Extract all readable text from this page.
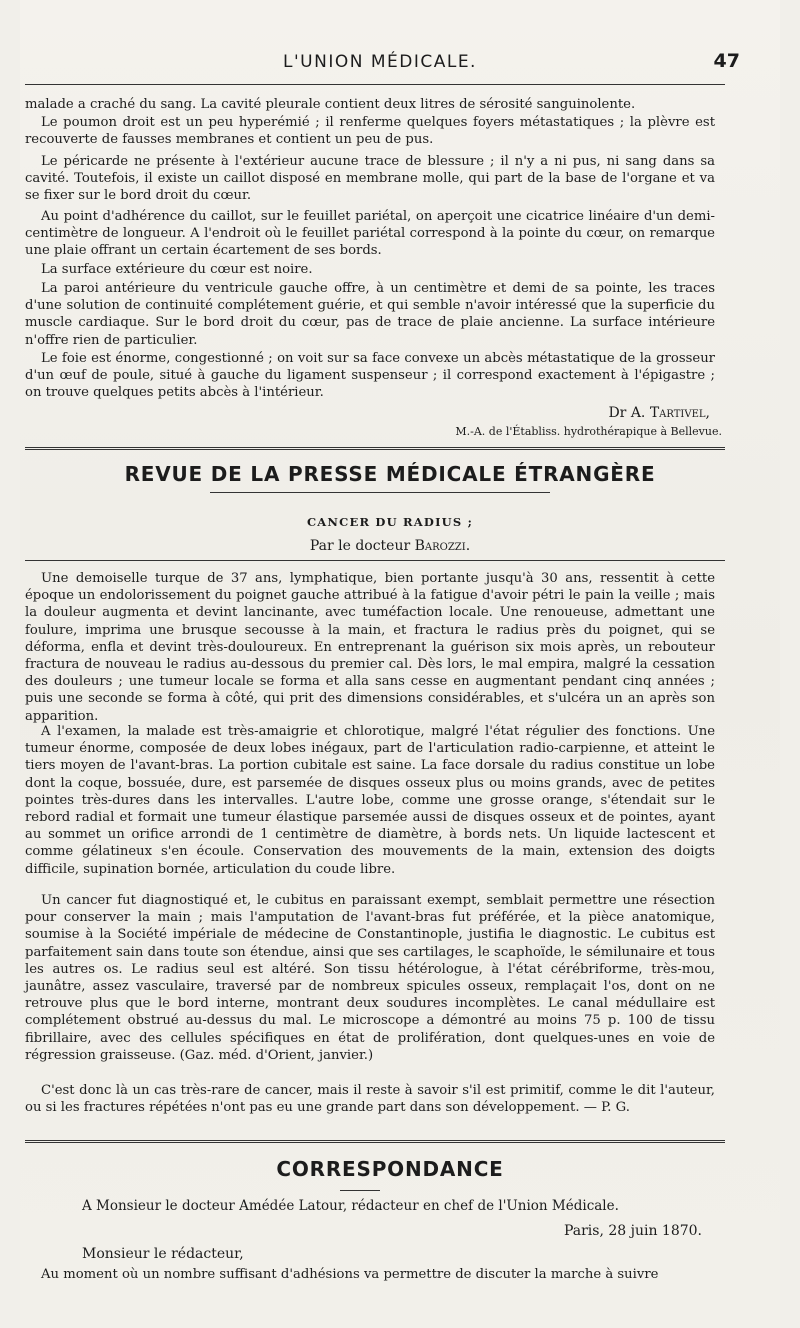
L'UNION MÉDICALE.	47

malade a craché du sang. La cavité pleurale contient deux litres de sérosité sanguinolente.

Le poumon droit est un peu hyperémié ; il renferme quelques foyers métastatiques ; la plèvre est recouverte de fausses membranes et contient un peu de pus.

Le péricarde ne présente à l'extérieur aucune trace de blessure ; il n'y a ni pus, ni sang dans sa cavité. Toutefois, il existe un caillot disposé en membrane molle, qui part de la base de l'organe et va se fixer sur le bord droit du cœur.

Au point d'adhérence du caillot, sur le feuillet pariétal, on aperçoit une cicatrice linéaire d'un demi-centimètre de longueur. A l'endroit où le feuillet pariétal correspond à la pointe du cœur, on remarque une plaie offrant un certain écartement de ses bords.

La surface extérieure du cœur est noire.

La paroi antérieure du ventricule gauche offre, à un centimètre et demi de sa pointe, les traces d'une solution de continuité complétement guérie, et qui semble n'avoir intéressé que la superficie du muscle cardiaque. Sur le bord droit du cœur, pas de trace de plaie ancienne. La surface intérieure n'offre rien de particulier.

Le foie est énorme, congestionné ; on voit sur sa face convexe un abcès métastatique de la grosseur d'un œuf de poule, situé à gauche du ligament suspenseur ; il correspond exactement à l'épigastre ; on trouve quelques petits abcès à l'intérieur.

Dr A. Tartivel,
M.-A. de l'Établiss. hydrothérapique à Bellevue.
REVUE DE LA PRESSE MÉDICALE ÉTRANGÈRE
CANCER DU RADIUS ;
Par le docteur Barozzi.

Une demoiselle turque de 37 ans, lymphatique, bien portante jusqu'à 30 ans, ressentit à cette époque un endolorissement du poignet gauche attribué à la fatigue d'avoir pétri le pain la veille ; mais la douleur augmenta et devint lancinante, avec tuméfaction locale. Une renoueuse, admettant une foulure, imprima une brusque secousse à la main, et fractura le radius près du poignet, qui se déforma, enfla et devint très-douloureux. En entreprenant la guérison six mois après, un rebouteur fractura de nouveau le radius au-dessous du premier cal. Dès lors, le mal empira, malgré la cessation des douleurs ; une tumeur locale se forma et alla sans cesse en augmentant pendant cinq années ; puis une seconde se forma à côté, qui prit des dimensions considérables, et s'ulcéra un an après son apparition.

A l'examen, la malade est très-amaigrie et chlorotique, malgré l'état régulier des fonctions. Une tumeur énorme, composée de deux lobes inégaux, part de l'articulation radio-carpienne, et atteint le tiers moyen de l'avant-bras. La portion cubitale est saine. La face dorsale du radius constitue un lobe dont la coque, bossuée, dure, est parsemée de disques osseux plus ou moins grands, avec de petites pointes très-dures dans les intervalles. L'autre lobe, comme une grosse orange, s'étendait sur le rebord radial et formait une tumeur élastique parsemée aussi de disques osseux et de pointes, ayant au sommet un orifice arrondi de 1 centimètre de diamètre, à bords nets. Un liquide lactescent et comme gélatineux s'en écoule. Conservation des mouvements de la main, extension des doigts difficile, supination bornée, articulation du coude libre.

Un cancer fut diagnostiqué et, le cubitus en paraissant exempt, semblait permettre une résection pour conserver la main ; mais l'amputation de l'avant-bras fut préférée, et la pièce anatomique, soumise à la Société impériale de médecine de Constantinople, justifia le diagnostic. Le cubitus est parfaitement sain dans toute son étendue, ainsi que ses cartilages, le scaphoïde, le sémilunaire et tous les autres os. Le radius seul est altéré. Son tissu hétérologue, à l'état cérébriforme, très-mou, jaunâtre, assez vasculaire, traversé par de nombreux spicules osseux, remplaçait l'os, dont on ne retrouve plus que le bord interne, montrant deux soudures incomplètes. Le canal médullaire est complétement obstrué au-dessus du mal. Le microscope a démontré au moins 75 p. 100 de tissu fibrillaire, avec des cellules spécifiques en état de prolifération, dont quelques-unes en voie de régression graisseuse. (Gaz. méd. d'Orient, janvier.)

C'est donc là un cas très-rare de cancer, mais il reste à savoir s'il est primitif, comme le dit l'auteur, ou si les fractures répétées n'ont pas eu une grande part dans son développement. — P. G.

CORRESPONDANCE
A Monsieur le docteur Amédée Latour, rédacteur en chef de l'Union Médicale.
Paris, 28 juin 1870.
Monsieur le rédacteur,

Au moment où un nombre suffisant d'adhésions va permettre de discuter la marche à suivre
